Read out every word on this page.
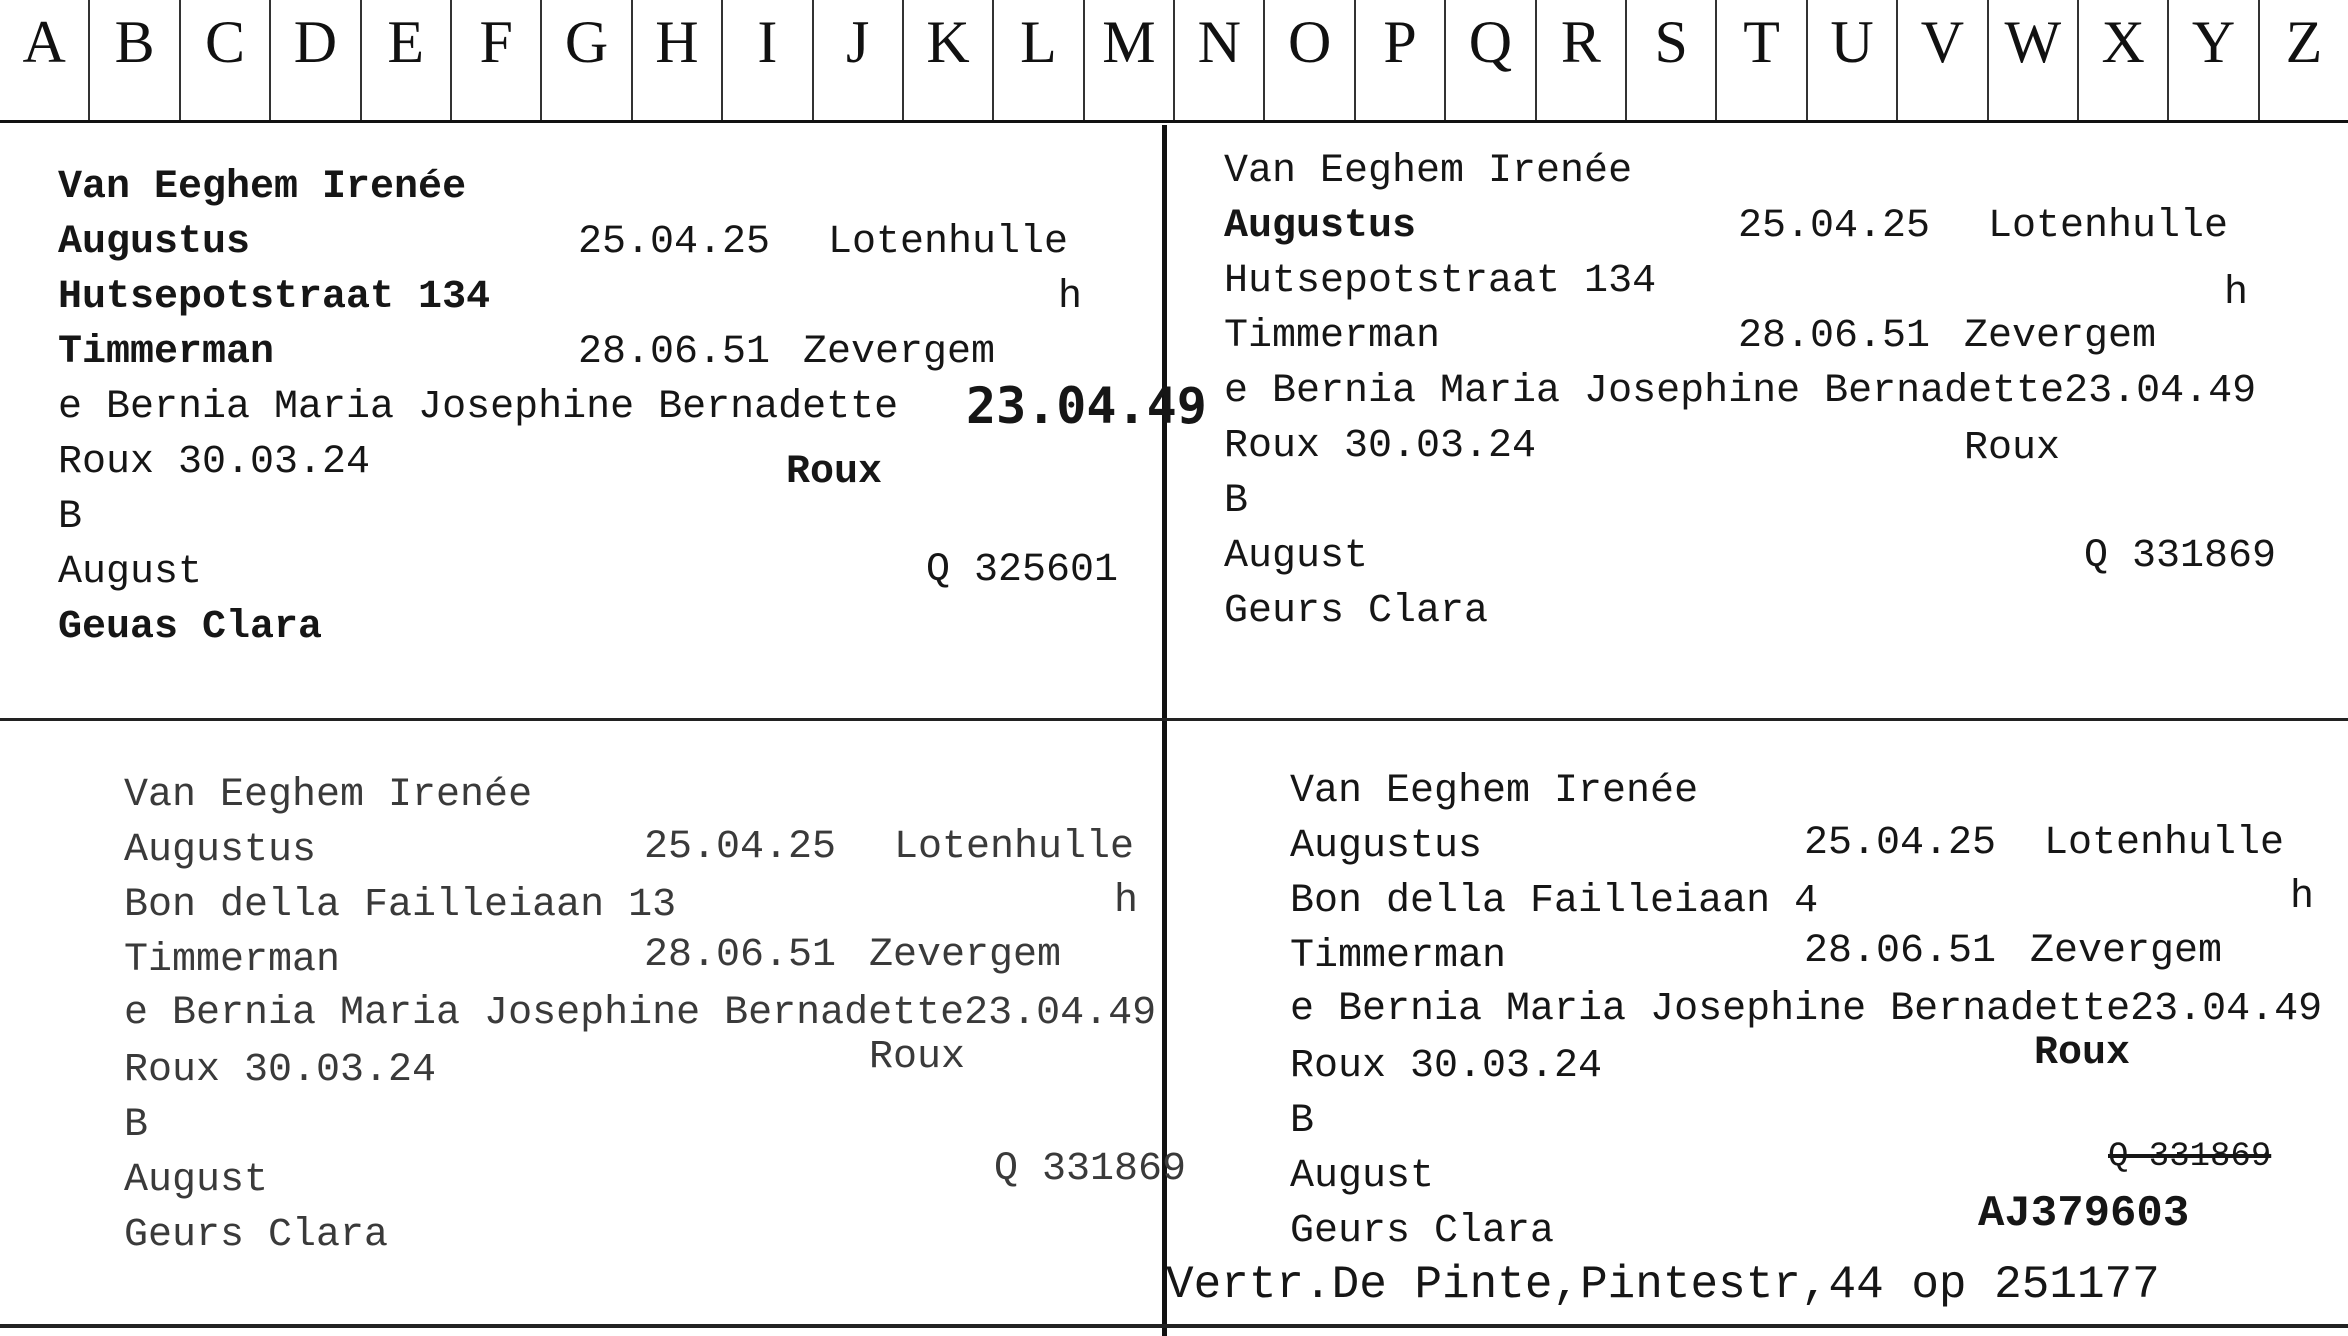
A B C D E F G H I	J K L M N O P Q R S T U V W X Y Z
Van Eeghem Irenée
Augustus	25.04.25 Lotenhulle
Hutsepotstraat 134	h
Timmerman	28.06.51 Zevergem
e Bernia Maria Josephine Bernadette 23.04.49
Roux 30.03.24	Roux
B
August	Q 325601
Geuas Clara
Van Eeghem Irenée
Augustus	25.04.25 Lotenhulle
Hutsepotstraat 134	h
Timmerman	28.06.51 Zevergem
e Bernia Maria Josephine Bernadette23.04.49
Roux 30.03.24	Roux
B
August	Q 331869
Geurs Clara
Van Eeghem Irenée
Augustus	25.04.25 Lotenhulle
Bon della Failleiaan 13	h
Timmerman	28.06.51 Zevergem
e Bernia Maria Josephine Bernadette23.04.49
Roux 30.03.24	Roux
B
August	Q 331869
Geurs Clara
Van Eeghem Irenée
Augustus	25.04.25 Lotenhulle
Bon della Failleiaan 4	h
Timmerman	28.06.51 Zevergem
e Bernia Maria Josephine Bernadette23.04.49
Roux 30.03.24	Roux
B
August	Q 331869
AJ379603
Geurs Clara
Vertr.De Pinte,Pintestr,44 op 251177
